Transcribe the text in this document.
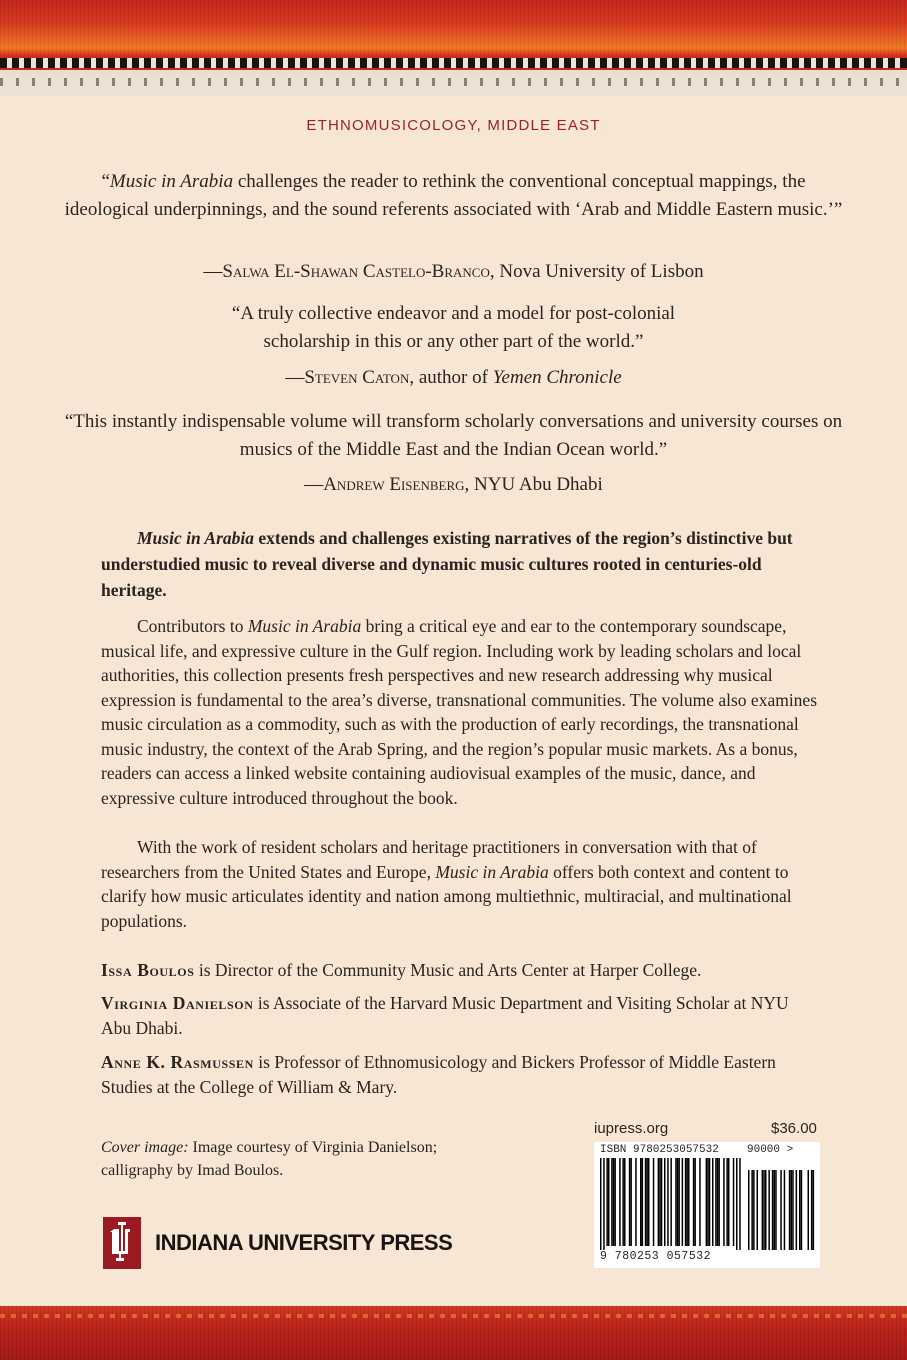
ETHNOMUSICOLOGY, MIDDLE EAST
“Music in Arabia challenges the reader to rethink the conventional conceptual mappings, the ideological underpinnings, and the sound referents associated with ‘Arab and Middle Eastern music.’”
—Salwa El-Shawan Castelo-Branco, Nova University of Lisbon
“A truly collective endeavor and a model for post-colonial scholarship in this or any other part of the world.”
—Steven Caton, author of Yemen Chronicle
“This instantly indispensable volume will transform scholarly conversations and university courses on musics of the Middle East and the Indian Ocean world.”
—Andrew Eisenberg, NYU Abu Dhabi
Music in Arabia extends and challenges existing narratives of the region’s distinctive but understudied music to reveal diverse and dynamic music cultures rooted in centuries-old heritage.
Contributors to Music in Arabia bring a critical eye and ear to the contemporary soundscape, musical life, and expressive culture in the Gulf region. Including work by leading scholars and local authorities, this collection presents fresh perspectives and new research addressing why musical expression is fundamental to the area’s diverse, transnational communities. The volume also examines music circulation as a commodity, such as with the production of early recordings, the transnational music industry, the context of the Arab Spring, and the region’s popular music markets. As a bonus, readers can access a linked website containing audiovisual examples of the music, dance, and expressive culture introduced throughout the book.
With the work of resident scholars and heritage practitioners in conversation with that of researchers from the United States and Europe, Music in Arabia offers both context and content to clarify how music articulates identity and nation among multiethnic, multiracial, and multinational populations.
Issa Boulos is Director of the Community Music and Arts Center at Harper College.
Virginia Danielson is Associate of the Harvard Music Department and Visiting Scholar at NYU Abu Dhabi.
Anne K. Rasmussen is Professor of Ethnomusicology and Bickers Professor of Middle Eastern Studies at the College of William & Mary.
Cover image: Image courtesy of Virginia Danielson; calligraphy by Imad Boulos.
INDIANA UNIVERSITY PRESS
iupress.org	$36.00
ISBN 9780253057532	90000 >
9 780253 057532
